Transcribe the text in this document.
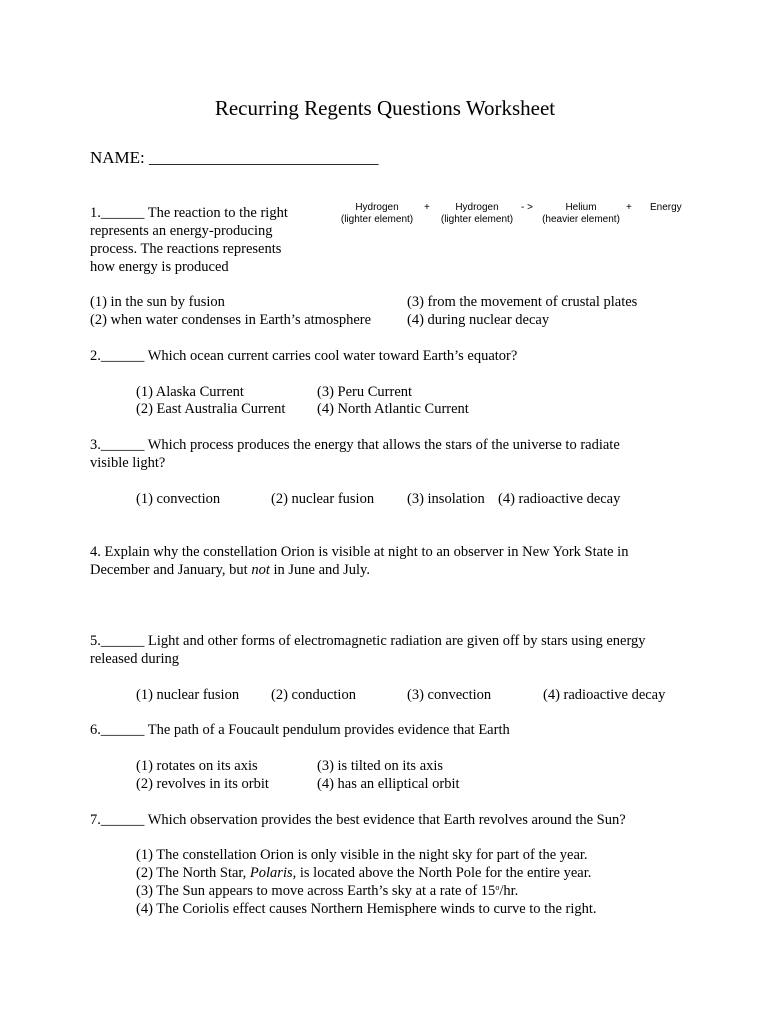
Recurring Regents Questions Worksheet
NAME: ___________________________
1.______ The reaction to the right
represents an energy-producing
process. The reactions represents
how energy is produced
Hydrogen
(lighter element)
+	Hydrogen
(lighter element)
- >	Helium
(heavier element)
+ Energy
(1) in the sun by fusion
(2) when water condenses in Earth’s atmosphere
(3) from the movement of crustal plates
(4) during nuclear decay
2.______ Which ocean current carries cool water toward Earth’s equator?
(1) Alaska Current
(2) East Australia Current
(3) Peru Current
(4) North Atlantic Current
3.______ Which process produces the energy that allows the stars of the universe to radiate
visible light?
(1) convection	(2) nuclear fusion (3) insolation (4) radioactive decay
4. Explain why the constellation Orion is visible at night to an observer in New York State in
December and January, but not in June and July.
5.______ Light and other forms of electromagnetic radiation are given off by stars using energy
released during
(1) nuclear fusion (2) conduction	(3) convection	(4) radioactive decay
6.______ The path of a Foucault pendulum provides evidence that Earth
(1) rotates on its axis
(2) revolves in its orbit
(3) is tilted on its axis
(4) has an elliptical orbit
7.______ Which observation provides the best evidence that Earth revolves around the Sun?
(1) The constellation Orion is only visible in the night sky for part of the year.
(2) The North Star, Polaris, is located above the North Pole for the entire year.
(3) The Sun appears to move across Earth’s sky at a rate of 15$^o$/hr.
(4) The Coriolis effect causes Northern Hemisphere winds to curve to the right.
